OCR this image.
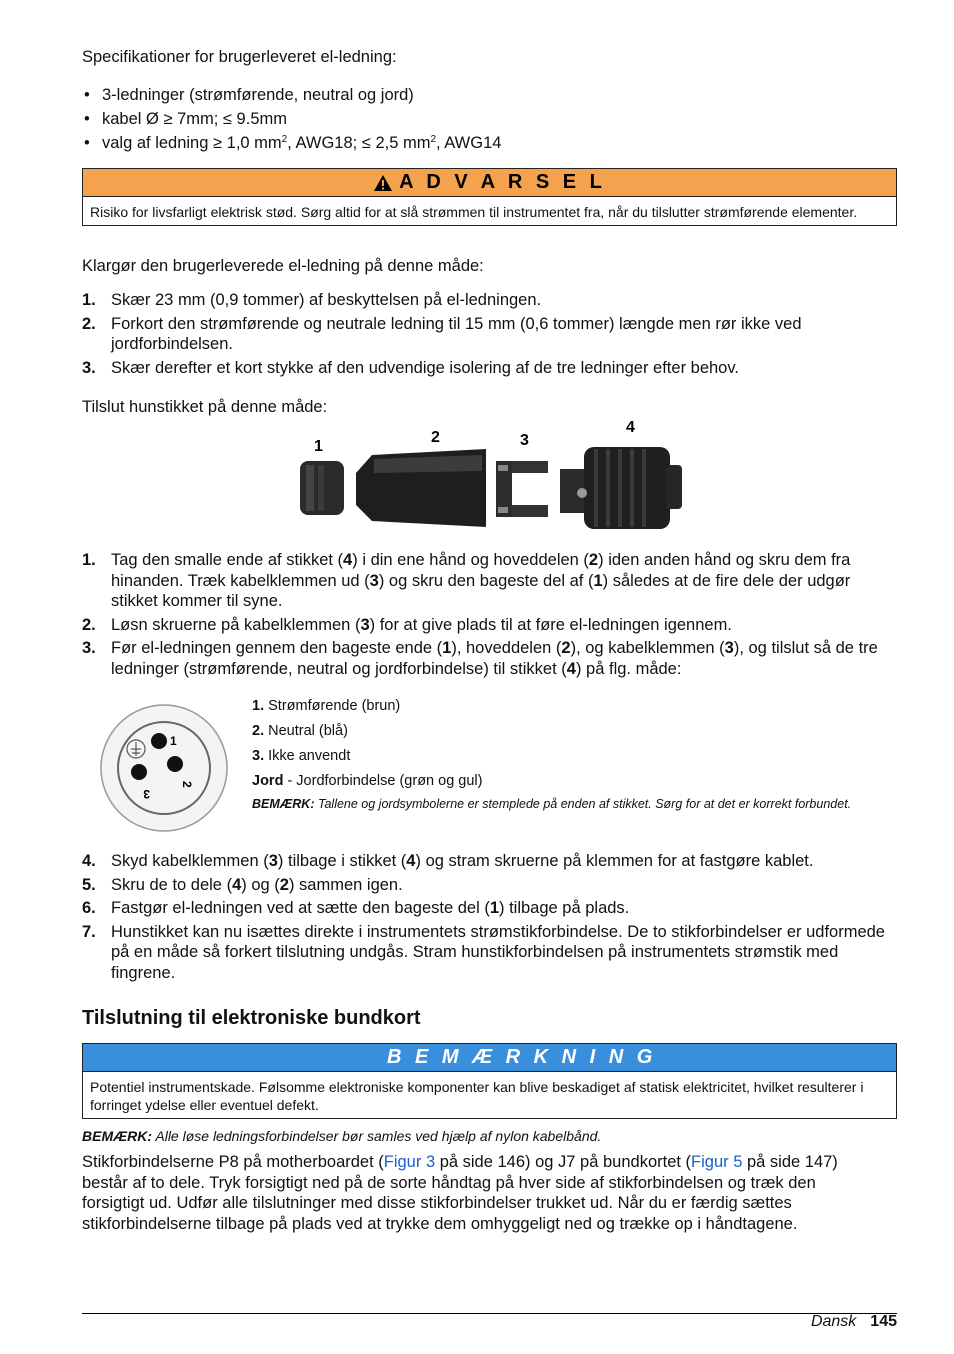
Specifikationer for brugerleveret el-ledning:

• 3-ledninger (strømførende, neutral og jord)
• kabel Ø ≥ 7mm; ≤ 9.5mm
• valg af ledning ≥ 1,0 $mm^2$, AWG18; ≤ 2,5 $mm^2$, AWG14
A D V A R S E L
Risiko for livsfarligt elektrisk stød. Sørg altid for at slå strømmen til instrumentet fra, når du tilslutter strømførende elementer.

Klargør den brugerleverede el-ledning på denne måde:

1. Skær 23 mm (0,9 tommer) af beskyttelsen på el-ledningen.
2. Forkort den strømførende og neutrale ledning til 15 mm (0,6 tommer) længde men rør ikke ved jordforbindelsen.
3. Skær derefter et kort stykke af den udvendige isolering af de tre ledninger efter behov.

Tilslut hunstikket på denne måde:

1
2	3
4
1. Tag den smalle ende af stikket (4) i din ene hånd og hoveddelen (2) iden anden hånd og skru dem fra hinanden. Træk kabelklemmen ud (3) og skru den bageste del af (1) således at de fire dele der udgør stikket kommer til syne.
2. Løsn skruerne på kabelklemmen (3) for at give plads til at føre el-ledningen igennem.
3. Før el-ledningen gennem den bageste ende (1), hoveddelen (2), og kabelklemmen (3), og tilslut så de tre ledninger (strømførende, neutral og jordforbindelse) til stikket (4) på flg. måde:
1
2
3
1. Strømførende (brun)
2. Neutral (blå)
3. Ikke anvendt
Jord - Jordforbindelse (grøn og gul)
BEMÆRK: Tallene og jordsymbolerne er stemplede på enden af stikket. Sørg for at det er korrekt forbundet.
4. Skyd kabelklemmen (3) tilbage i stikket (4) og stram skruerne på klemmen for at fastgøre kablet.
5. Skru de to dele (4) og (2) sammen igen.
6. Fastgør el-ledningen ved at sætte den bageste del (1) tilbage på plads.
7. Hunstikket kan nu isættes direkte i instrumentets strømstikforbindelse. De to stikforbindelser er udformede på en måde så forkert tilslutning undgås. Stram hunstikforbindelsen på instrumentets strømstik med fingrene.
Tilslutning til elektroniske bundkort
B E M Æ R K N I N G
Potentiel instrumentskade. Følsomme elektroniske komponenter kan blive beskadiget af statisk elektricitet, hvilket resulterer i forringet ydelse eller eventuel defekt.

BEMÆRK: Alle løse ledningsforbindelser bør samles ved hjælp af nylon kabelbånd.

Stikforbindelserne P8 på motherboardet (Figur 3 på side 146) og J7 på bundkortet (Figur 5 på side 147) består af to dele. Tryk forsigtigt ned på de sorte håndtag på hver side af stikforbindelsen og træk den forsigtigt ud. Udfør alle tilslutninger med disse stikforbindelser trukket ud. Når du er færdig sættes stikforbindelserne tilbage på plads ved at trykke dem omhyggeligt ned og trække op i håndtagene.

Dansk 145
